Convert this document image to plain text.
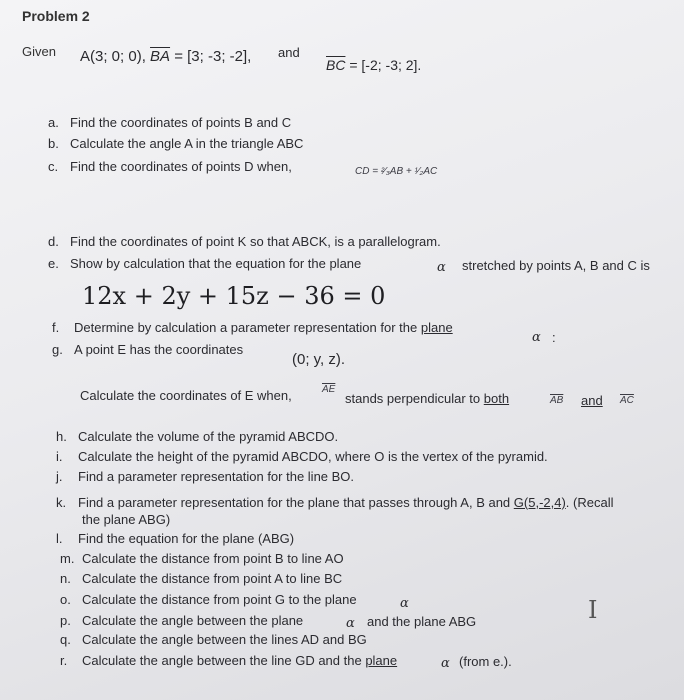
Problem 2
Given A(3; 0; 0), $\overline{BA} = [3$; -3; -2], and
$\overline{BC} = [-2$; -3; 2].
a. Find the coordinates of points B and C
b. Calculate the angle A in the triangle ABC
c. Find the coordinates of points D when,	CD = ²⁄₃AB + ¹⁄₂AC
d. Find the coordinates of point K so that ABCK, is a parallelogram.
e. Show by calculation that the equation for the plane	α stretched by points A, B and C is
12x + 2y + 15z − 36 = 0
f. Determine by calculation a parameter representation for the plane
α :
g. A point E has the coordinates
(0; y, z).
Calculate the coordinates of E when,	$\overline{AE}$
stands perpendicular to both	$\overline{AB}$ and $\overline{AC}$
h. Calculate the volume of the pyramid ABCDO.
i. Calculate the height of the pyramid ABCDO, where O is the vertex of the pyramid.
j. Find a parameter representation for the line BO.
k. Find a parameter representation for the plane that passes through A, B and G(5,-2,4). (Recall
the plane ABG)
l. Find the equation for the plane (ABG)
m. Calculate the distance from point B to line AO
n. Calculate the distance from point A to line BC
o. Calculate the distance from point G to the plane	α
p. Calculate the angle between the plane	α and the plane ABG
q. Calculate the angle between the lines AD and BG
r. Calculate the angle between the line GD and the plane	α (from e.).
I
